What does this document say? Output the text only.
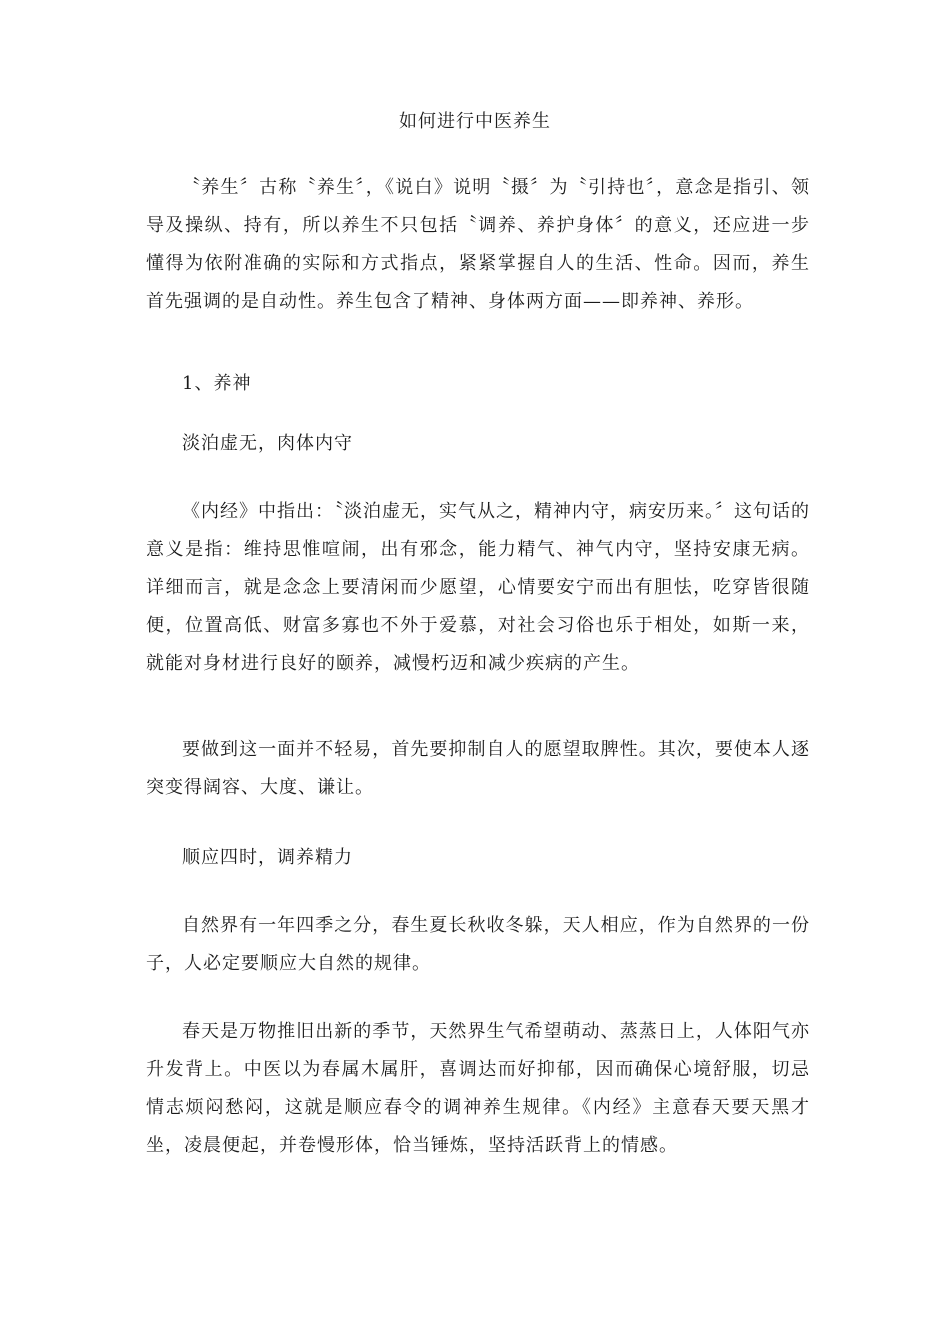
如何进行中医养生

〝养生〞古称〝养生〞，《说白》说明〝摄〞为〝引持也〞，意念是指引、领导及操纵、持有，所以养生不只包括〝调养、养护身体〞的意义，还应进一步懂得为依附准确的实际和方式指点，紧紧掌握自人的生活、性命。因而，养生首先强调的是自动性。养生包含了精神、身体两方面——即养神、养形。

1、养神

淡泊虚无，肉体内守

《内经》中指出：〝淡泊虚无，实气从之，精神内守，病安历来。〞这句话的意义是指：维持思惟喧闹，出有邪念，能力精气、神气内守，坚持安康无病。详细而言，就是念念上要清闲而少愿望，心情要安宁而出有胆怯，吃穿皆很随便，位置高低、财富多寡也不外于爱慕，对社会习俗也乐于相处，如斯一来，就能对身材进行良好的颐养，减慢朽迈和减少疾病的产生。

要做到这一面并不轻易，首先要抑制自人的愿望取脾性。其次，要使本人逐突变得阔容、大度、谦让。

顺应四时，调养精力

自然界有一年四季之分，春生夏长秋收冬躲，天人相应，作为自然界的一份子，人必定要顺应大自然的规律。

春天是万物推旧出新的季节，天然界生气希望萌动、蒸蒸日上，人体阳气亦升发背上。中医以为春属木属肝，喜调达而好抑郁，因而确保心境舒服，切忌情志烦闷愁闷，这就是顺应春令的调神养生规律。《内经》主意春天要天黑才坐，凌晨便起，并卷慢形体，恰当锤炼，坚持活跃背上的情感。
